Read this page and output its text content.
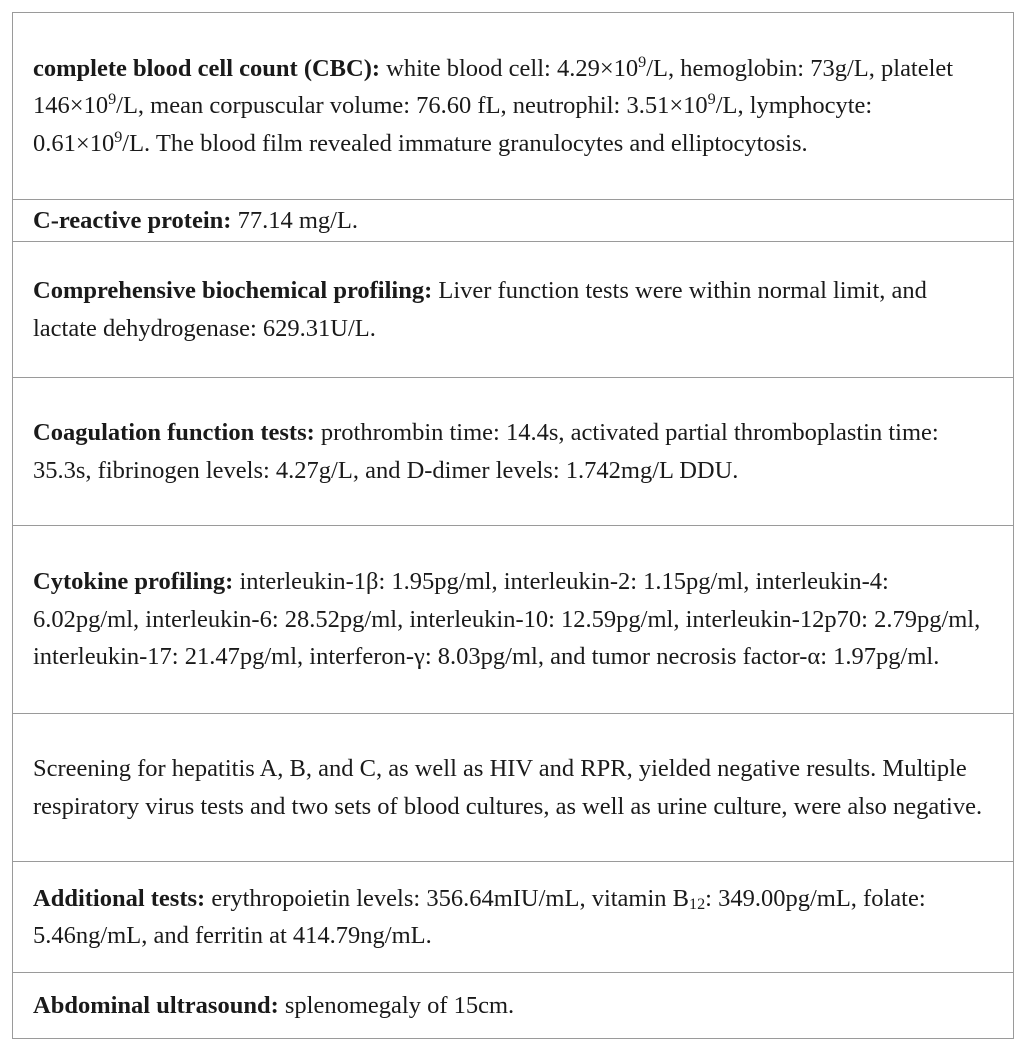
complete blood cell count (CBC): white blood cell: $4.29\times 10^9/L$, hemoglobin: 73g/L, platelet $146\times 10^9/L$, mean corpuscular volume: 76.60 fL, neutrophil: $3.51\times 10^9/L$, lymphocyte: $0.61\times 10^9/L$. The blood film revealed immature granulocytes and elliptocytosis.
C-reactive protein: 77.14 mg/L.
Comprehensive biochemical profiling: Liver function tests were within normal limit, and lactate dehydrogenase: 629.31U/L.
Coagulation function tests: prothrombin time: 14.4s, activated partial thromboplastin time: 35.3s, fibrinogen levels: 4.27g/L, and D-dimer levels: 1.742mg/L DDU.
Cytokine profiling: interleukin-1β: 1.95pg/ml, interleukin-2: 1.15pg/ml, interleukin-4: 6.02pg/ml, interleukin-6: 28.52pg/ml, interleukin-10: 12.59pg/ml, interleukin-12p70: 2.79pg/ml, interleukin-17: 21.47pg/ml, interferon-γ: 8.03pg/ml, and tumor necrosis factor-α: 1.97pg/ml.
Screening for hepatitis A, B, and C, as well as HIV and RPR, yielded negative results. Multiple respiratory virus tests and two sets of blood cultures, as well as urine culture, were also negative.
Additional tests: erythropoietin levels: 356.64mIU/mL, vitamin $B_{12}$: 349.00pg/mL, folate: 5.46ng/mL, and ferritin at 414.79ng/mL.
Abdominal ultrasound: splenomegaly of 15cm.
